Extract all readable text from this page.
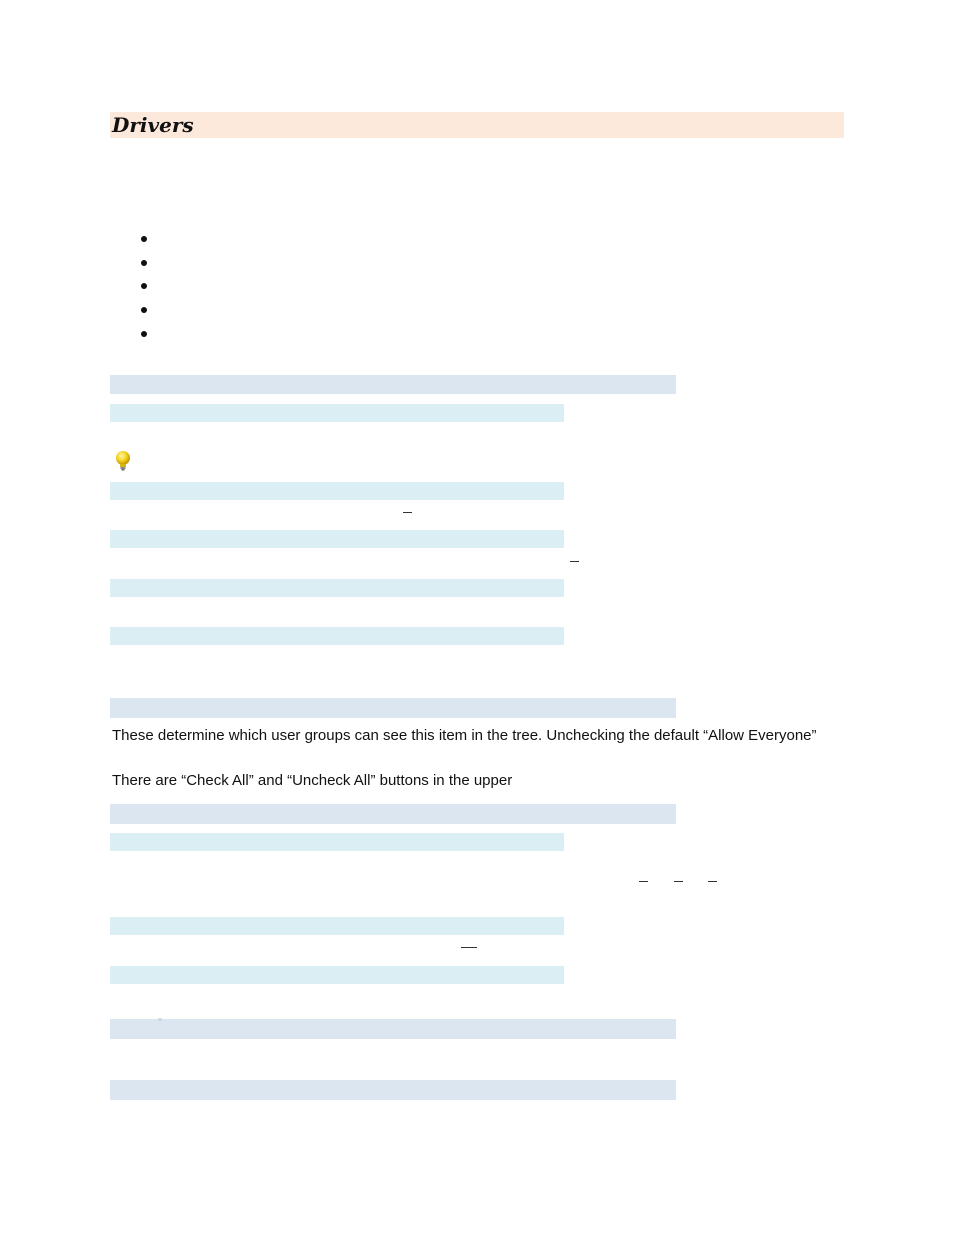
Drivers
These determine which user groups can see this item in the tree. Unchecking the default “Allow Everyone”
There are “Check All” and “Uncheck All” buttons in the upper
